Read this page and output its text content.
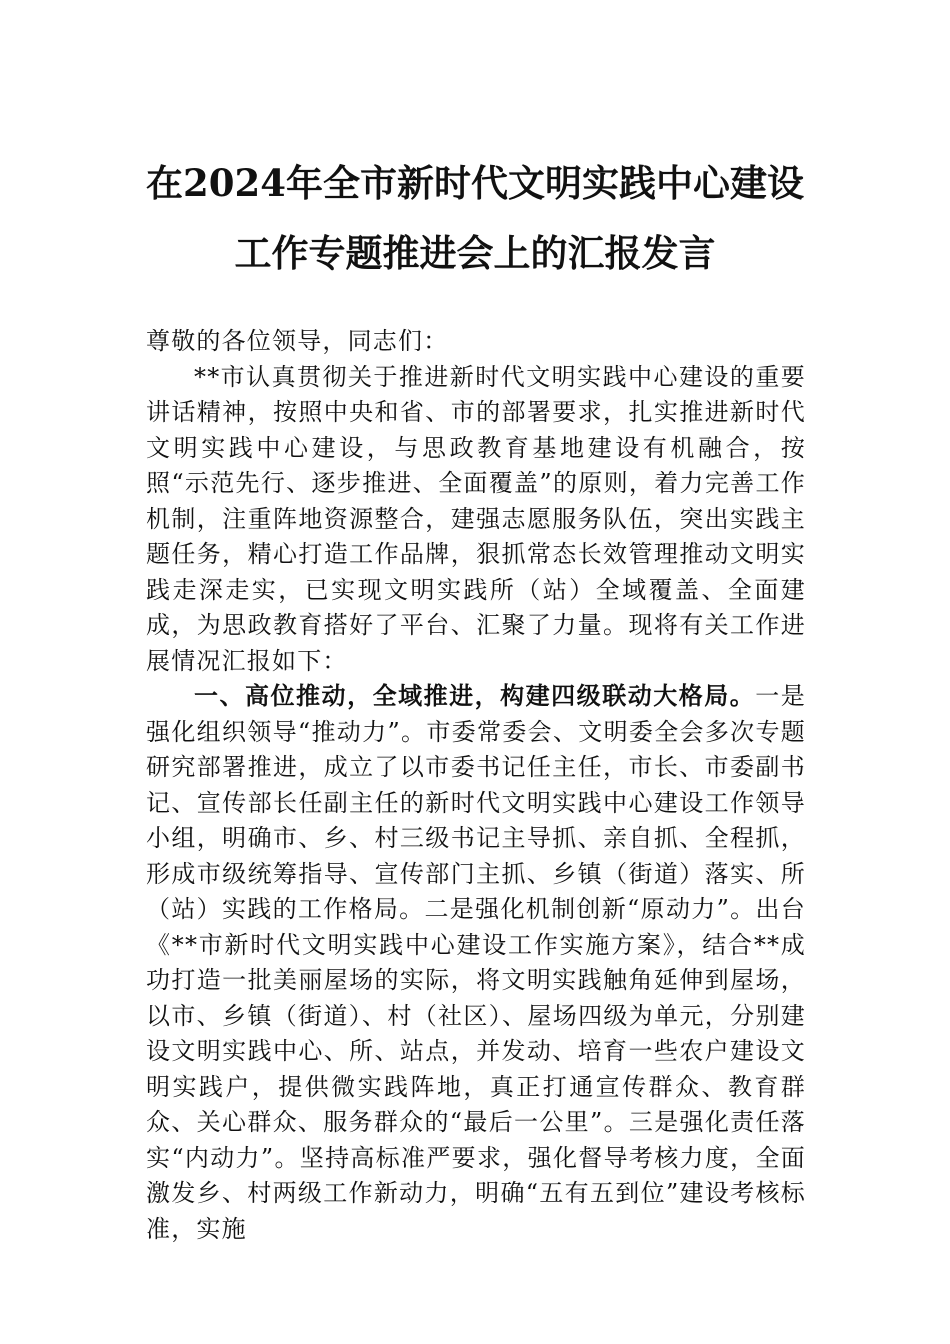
在2024年全市新时代文明实践中心建设工作专题推进会上的汇报发言

尊敬的各位领导，同志们：

**市认真贯彻关于推进新时代文明实践中心建设的重要讲话精神，按照中央和省、市的部署要求，扎实推进新时代文明实践中心建设，与思政教育基地建设有机融合，按照“示范先行、逐步推进、全面覆盖”的原则，着力完善工作机制，注重阵地资源整合，建强志愿服务队伍，突出实践主题任务，精心打造工作品牌，狠抓常态长效管理推动文明实践走深走实，已实现文明实践所（站）全域覆盖、全面建成，为思政教育搭好了平台、汇聚了力量。现将有关工作进展情况汇报如下：

一、高位推动，全域推进，构建四级联动大格局。一是强化组织领导“推动力”。市委常委会、文明委全会多次专题研究部署推进，成立了以市委书记任主任，市长、市委副书记、宣传部长任副主任的新时代文明实践中心建设工作领导小组，明确市、乡、村三级书记主导抓、亲自抓、全程抓，形成市级统筹指导、宣传部门主抓、乡镇（街道）落实、所（站）实践的工作格局。二是强化机制创新“原动力”。出台《**市新时代文明实践中心建设工作实施方案》，结合**成功打造一批美丽屋场的实际，将文明实践触角延伸到屋场，以市、乡镇（街道）、村（社区）、屋场四级为单元，分别建设文明实践中心、所、站点，并发动、培育一些农户建设文明实践户，提供微实践阵地，真正打通宣传群众、教育群众、关心群众、服务群众的“最后一公里”。三是强化责任落实“内动力”。坚持高标准严要求，强化督导考核力度，全面激发乡、村两级工作新动力，明确“五有五到位”建设考核标准，实施
